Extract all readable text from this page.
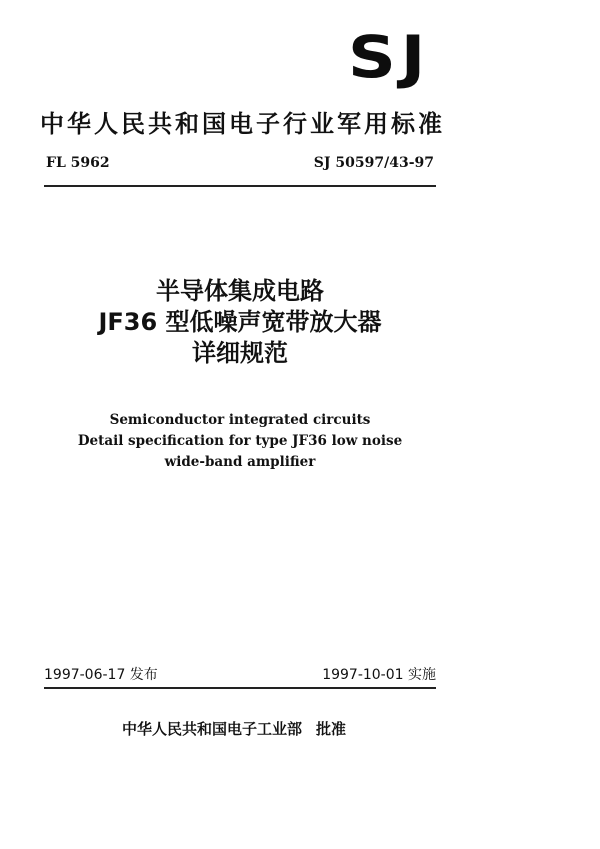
SJ
中华人民共和国电子行业军用标准
FL 5962	SJ 50597/43-97
半导体集成电路
JF36 型低噪声宽带放大器
详细规范
Semiconductor integrated circuits
Detail specification for type JF36 low noise
wide-band amplifier
1997-06-17 发布	1997-10-01 实施
中华人民共和国电子工业部 批准
